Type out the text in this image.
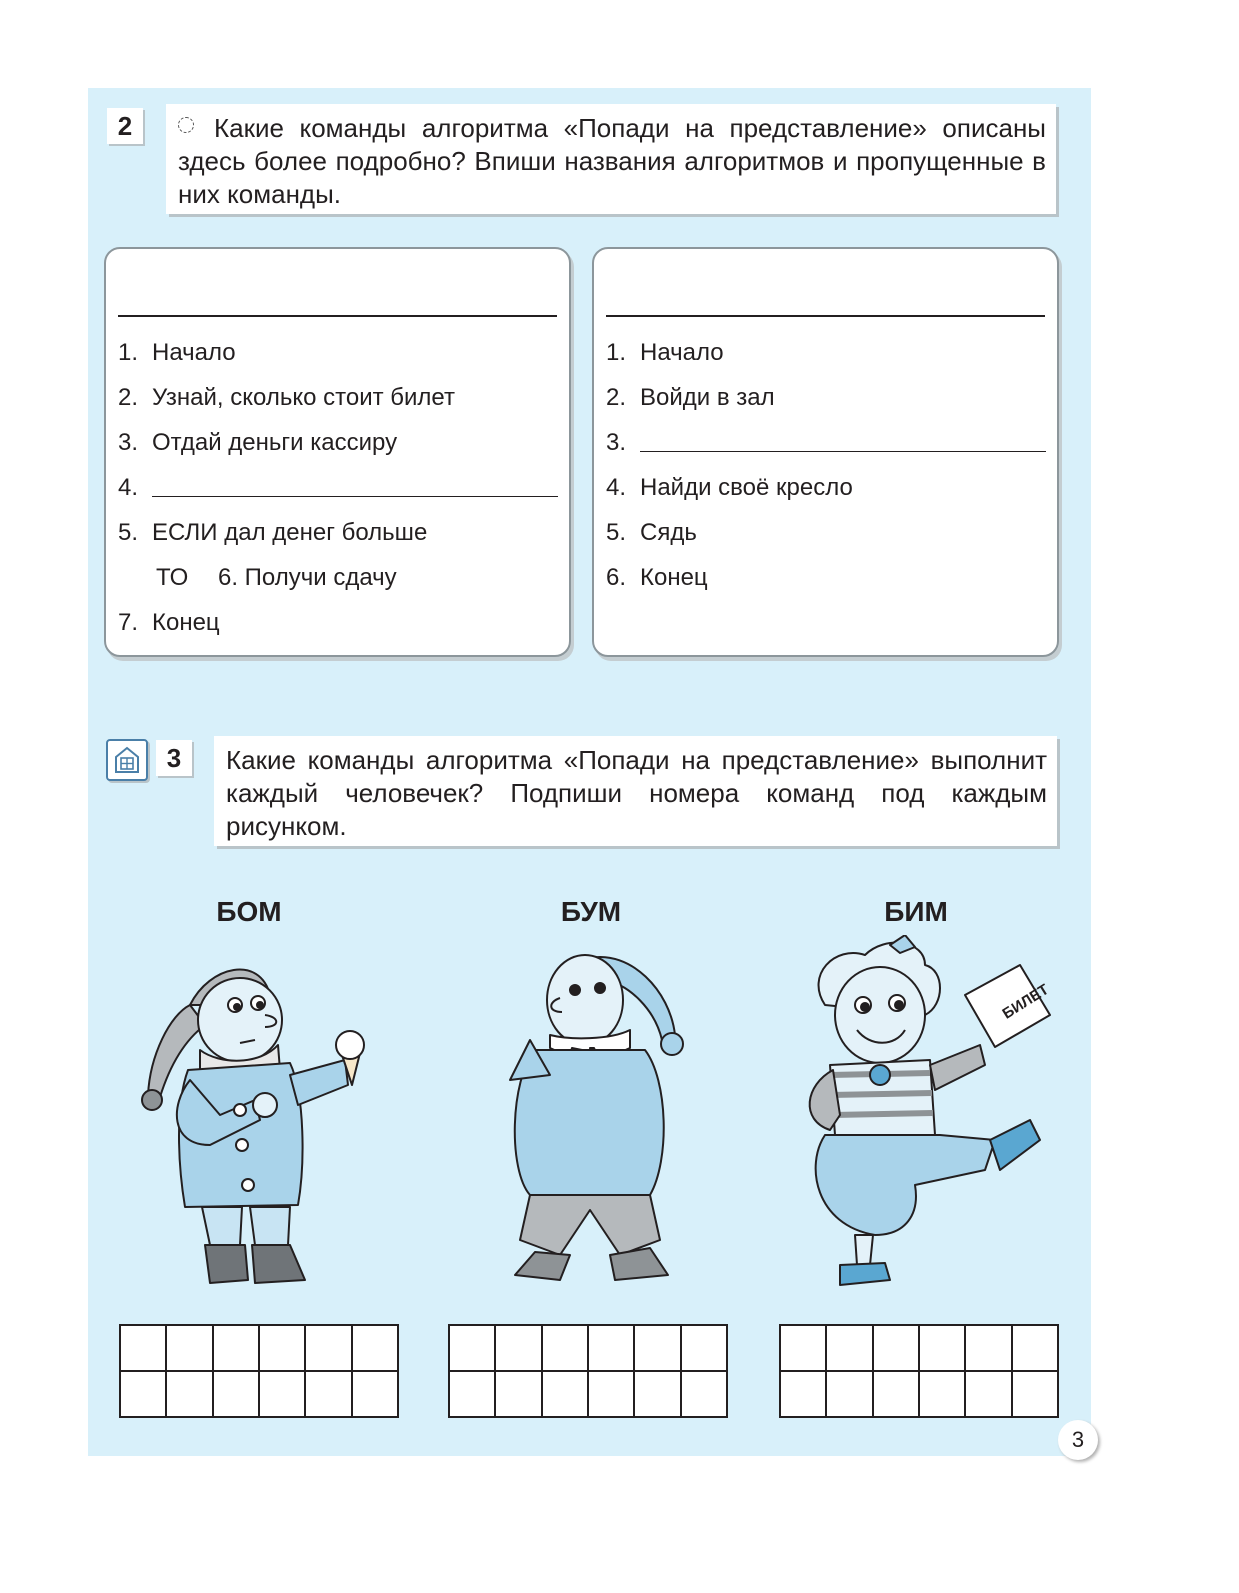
2	Какие команды алгоритма «Попади на представление» описаны здесь более подробно? Впиши названия алгоритмов и пропущенные в них команды.
1. Начало
2. Узнай, сколько стоит билет
3. Отдай деньги кассиру
4.
5. ЕСЛИ дал денег больше
ТО 6. Получи сдачу
7. Конец
1. Начало
2. Войди в зал
3.
4. Найди своё кресло
5. Сядь
6. Конец
3	Какие команды алгоритма «Попади на представление» выполнит каждый человечек? Подпиши номера команд под каждым рисунком.
БОМ	БУМ	БИМ
БИЛЕТ
3
